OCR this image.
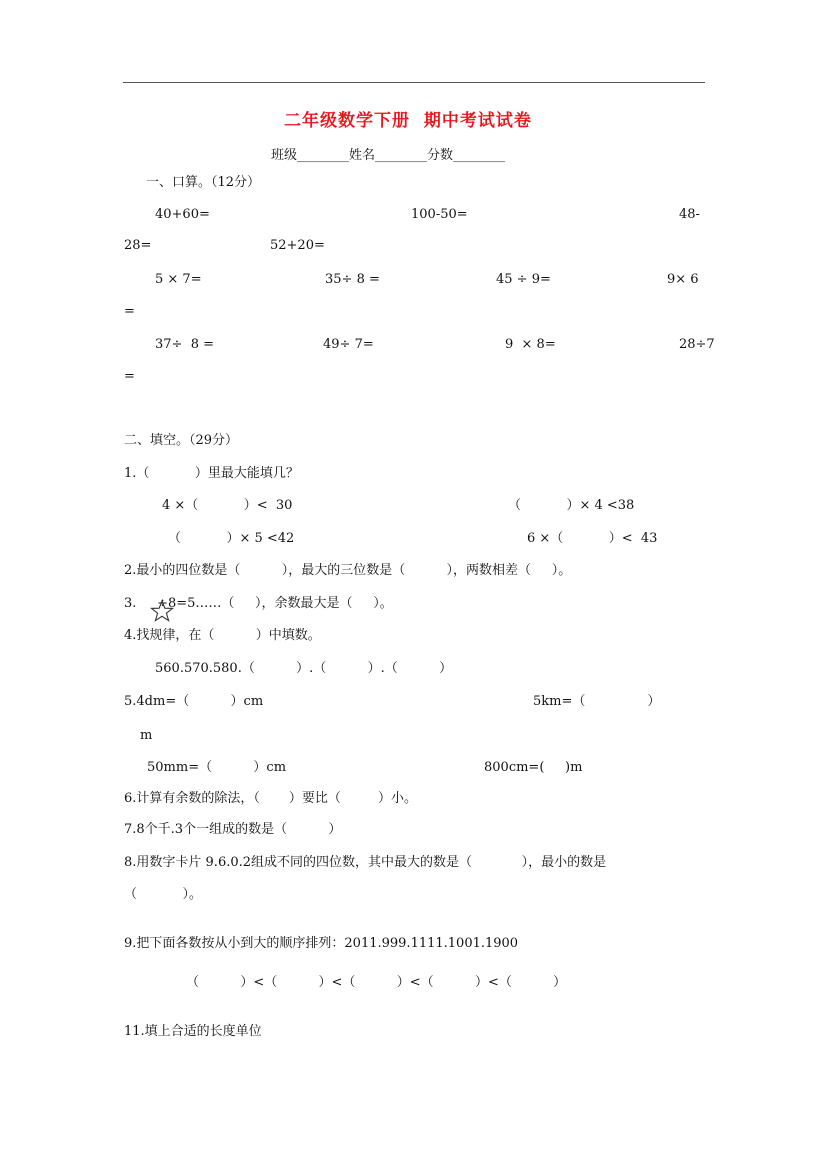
二年级数学下册  期中考试试卷
班级________姓名________分数________
一、口算。（12分）
40+60=	100-50=	48-
28=	52+20=
5 × 7=	35÷ 8 =	45 ÷ 9=	9× 6
=
37÷  8 =	49÷ 7=	9  × 8=	28÷7
=
二、填空。（29分）
1.（           ）里最大能填几？
4 ×（           ）<  30	（           ）× 4 <38
（           ）× 5 <42	6 ×（           ）<  43
2.最小的四位数是（          ），最大的三位数是（          ），两数相差（     ）。
3.     ÷8=5……（     ），余数最大是（     ）。
4.找规律，在（          ）中填数。
560.570.580.（          ）.（          ）.（          ）
5.4dm=（          ）cm	5km=（               ）
m
50mm=（          ）cm	800cm=(     )m
6.计算有余数的除法，（       ）要比（         ）小。
7.8个千.3个一组成的数是（          ）
8.用数字卡片 9.6.0.2组成不同的四位数，其中最大的数是（            ），最小的数是
（           ）。
9.把下面各数按从小到大的顺序排列：2011.999.1111.1001.1900
（          ）<（          ）<（          ）<（          ）<（          ）
11.填上合适的长度单位
